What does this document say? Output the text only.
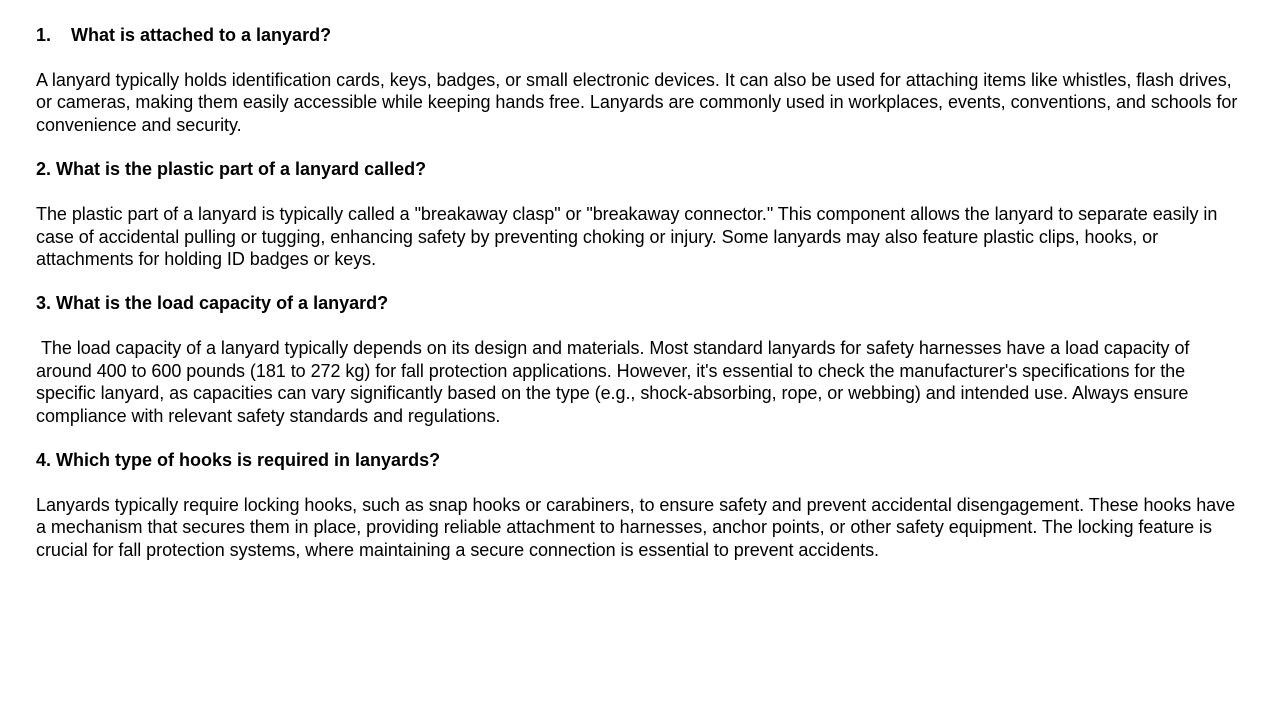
1.    What is attached to a lanyard?

A lanyard typically holds identification cards, keys, badges, or small electronic devices. It can also be used for attaching items like whistles, flash drives, or cameras, making them easily accessible while keeping hands free. Lanyards are commonly used in workplaces, events, conventions, and schools for convenience and security.

2. What is the plastic part of a lanyard called?

The plastic part of a lanyard is typically called a "breakaway clasp" or "breakaway connector." This component allows the lanyard to separate easily in case of accidental pulling or tugging, enhancing safety by preventing choking or injury. Some lanyards may also feature plastic clips, hooks, or attachments for holding ID badges or keys.

3. What is the load capacity of a lanyard?

The load capacity of a lanyard typically depends on its design and materials. Most standard lanyards for safety harnesses have a load capacity of around 400 to 600 pounds (181 to 272 kg) for fall protection applications. However, it's essential to check the manufacturer's specifications for the specific lanyard, as capacities can vary significantly based on the type (e.g., shock-absorbing, rope, or webbing) and intended use. Always ensure compliance with relevant safety standards and regulations.

4. Which type of hooks is required in lanyards?

Lanyards typically require locking hooks, such as snap hooks or carabiners, to ensure safety and prevent accidental disengagement. These hooks have a mechanism that secures them in place, providing reliable attachment to harnesses, anchor points, or other safety equipment. The locking feature is crucial for fall protection systems, where maintaining a secure connection is essential to prevent accidents.
